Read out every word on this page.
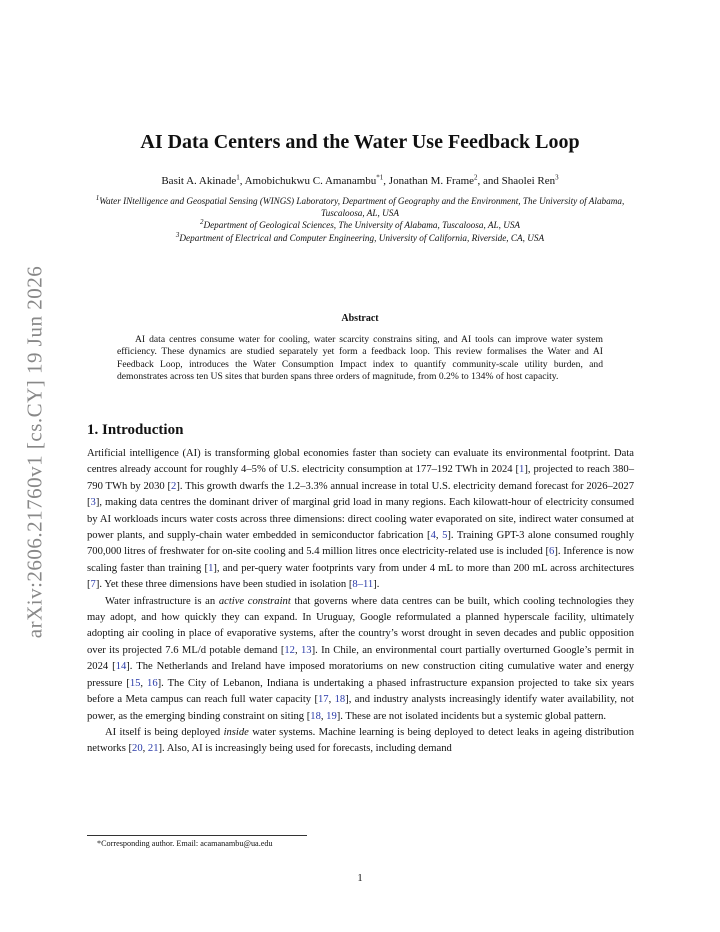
arXiv:2606.21760v1 [cs.CY] 19 Jun 2026
AI Data Centers and the Water Use Feedback Loop
Basit A. Akinade$^1$, Amobichukwu C. Amanambu$^{*1}$, Jonathan M. Frame$^2$, and Shaolei Ren$^3$
$^1$Water INtelligence and Geospatial Sensing (WINGS) Laboratory, Department of Geography and the Environment, The University of Alabama, Tuscaloosa, AL, USA
$^2$Department of Geological Sciences, The University of Alabama, Tuscaloosa, AL, USA
$^3$Department of Electrical and Computer Engineering, University of California, Riverside, CA, USA
Abstract
AI data centres consume water for cooling, water scarcity constrains siting, and AI tools can improve water system efficiency. These dynamics are studied separately yet form a feedback loop. This review formalises the Water and AI Feedback Loop, introduces the Water Consumption Impact index to quantify community-scale utility burden, and demonstrates across ten US sites that burden spans three orders of magnitude, from 0.2% to 134% of host capacity.
1. Introduction

Artificial intelligence (AI) is transforming global economies faster than society can evaluate its environmental footprint. Data centres already account for roughly 4–5% of U.S. electricity consumption at 177–192 TWh in 2024 [1], projected to reach 380–790 TWh by 2030 [2]. This growth dwarfs the 1.2–3.3% annual increase in total U.S. electricity demand forecast for 2026–2027 [3], making data centres the dominant driver of marginal grid load in many regions. Each kilowatt-hour of electricity consumed by AI workloads incurs water costs across three dimensions: direct cooling water evaporated on site, indirect water consumed at power plants, and supply-chain water embedded in semiconductor fabrication [4, 5]. Training GPT-3 alone consumed roughly 700,000 litres of freshwater for on-site cooling and 5.4 million litres once electricity-related use is included [6]. Inference is now scaling faster than training [1], and per-query water footprints vary from under 4 mL to more than 200 mL across architectures [7]. Yet these three dimensions have been studied in isolation [8–11].

Water infrastructure is an active constraint that governs where data centres can be built, which cooling technologies they may adopt, and how quickly they can expand. In Uruguay, Google reformulated a planned hyperscale facility, ultimately adopting air cooling in place of evaporative systems, after the country’s worst drought in seven decades and public opposition over its projected 7.6 ML/d potable demand [12, 13]. In Chile, an environmental court partially overturned Google’s permit in 2024 [14]. The Netherlands and Ireland have imposed moratoriums on new construction citing cumulative water and energy pressure [15, 16]. The City of Lebanon, Indiana is undertaking a phased infrastructure expansion projected to take six years before a Meta campus can reach full water capacity [17, 18], and industry analysts increasingly identify water availability, not power, as the emerging binding constraint on siting [18, 19]. These are not isolated incidents but a systemic global pattern.

AI itself is being deployed inside water systems. Machine learning is being deployed to detect leaks in ageing distribution networks [20, 21]. Also, AI is increasingly being used for forecasts, including demand

*Corresponding author. Email: acamanambu@ua.edu
1
